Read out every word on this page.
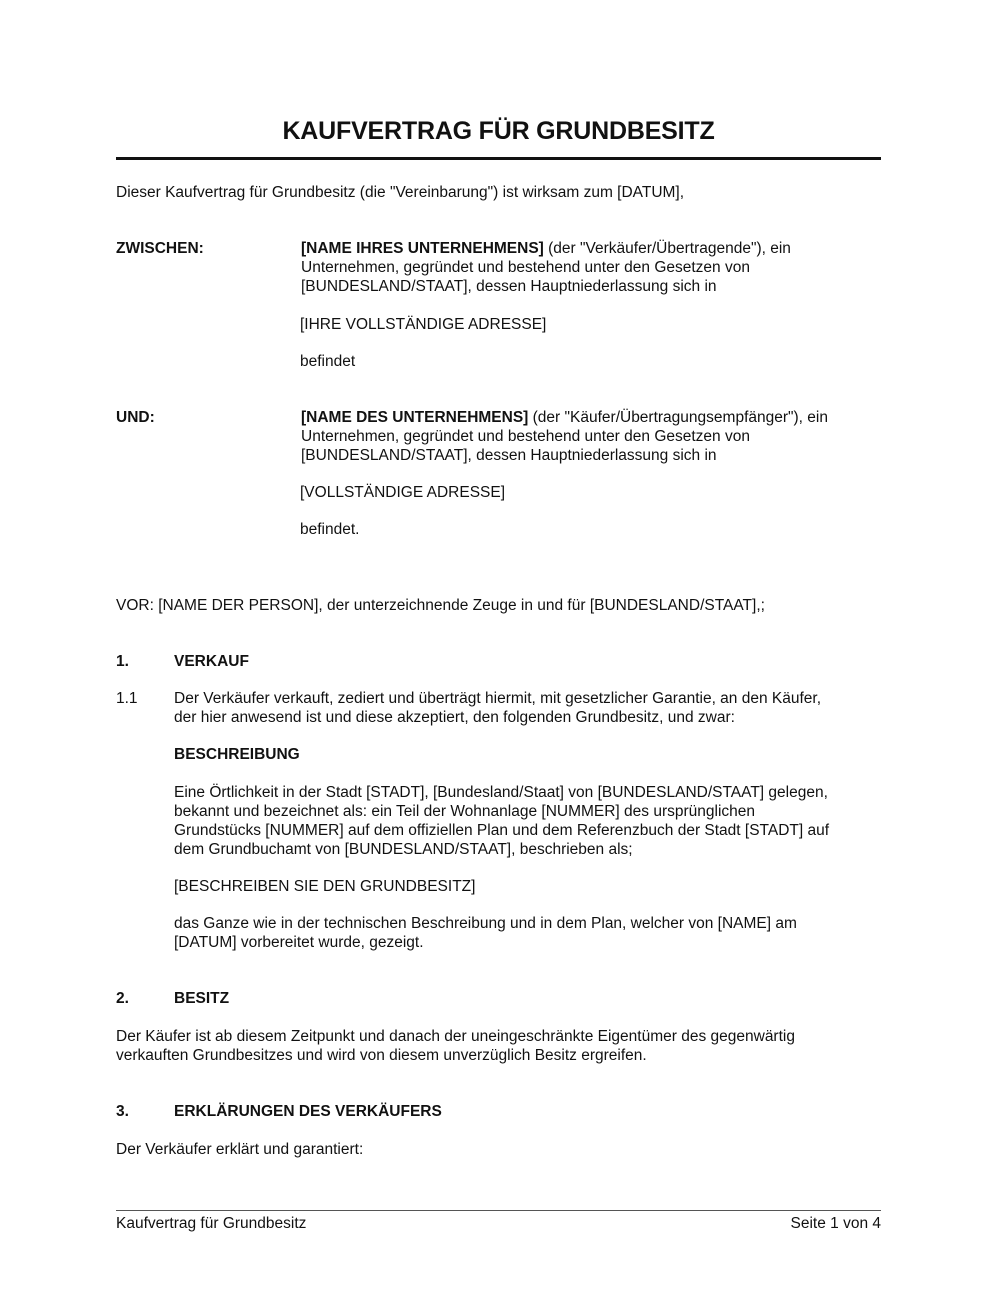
KAUFVERTRAG FÜR GRUNDBESITZ
Dieser Kaufvertrag für Grundbesitz (die "Vereinbarung") ist wirksam zum [DATUM],
ZWISCHEN:	[NAME IHRES UNTERNEHMENS] (der "Verkäufer/Übertragende"), ein
Unternehmen, gegründet und bestehend unter den Gesetzen von
[BUNDESLAND/STAAT], dessen Hauptniederlassung sich in
[IHRE VOLLSTÄNDIGE ADRESSE]
befindet
UND:	[NAME DES UNTERNEHMENS] (der "Käufer/Übertragungsempfänger"), ein
Unternehmen, gegründet und bestehend unter den Gesetzen von
[BUNDESLAND/STAAT], dessen Hauptniederlassung sich in
[VOLLSTÄNDIGE ADRESSE]
befindet.
VOR: [NAME DER PERSON], der unterzeichnende Zeuge in und für [BUNDESLAND/STAAT],;
1.	VERKAUF
1.1 Der Verkäufer verkauft, zediert und überträgt hiermit, mit gesetzlicher Garantie, an den Käufer,
der hier anwesend ist und diese akzeptiert, den folgenden Grundbesitz, und zwar:
BESCHREIBUNG
Eine Örtlichkeit in der Stadt [STADT], [Bundesland/Staat] von [BUNDESLAND/STAAT] gelegen,
bekannt und bezeichnet als: ein Teil der Wohnanlage [NUMMER] des ursprünglichen
Grundstücks [NUMMER] auf dem offiziellen Plan und dem Referenzbuch der Stadt [STADT] auf
dem Grundbuchamt von [BUNDESLAND/STAAT], beschrieben als;
[BESCHREIBEN SIE DEN GRUNDBESITZ]
das Ganze wie in der technischen Beschreibung und in dem Plan, welcher von [NAME] am
[DATUM] vorbereitet wurde, gezeigt.
2.	BESITZ
Der Käufer ist ab diesem Zeitpunkt und danach der uneingeschränkte Eigentümer des gegenwärtig
verkauften Grundbesitzes und wird von diesem unverzüglich Besitz ergreifen.
3.	ERKLÄRUNGEN DES VERKÄUFERS
Der Verkäufer erklärt und garantiert:
Kaufvertrag für Grundbesitz	Seite 1 von 4
